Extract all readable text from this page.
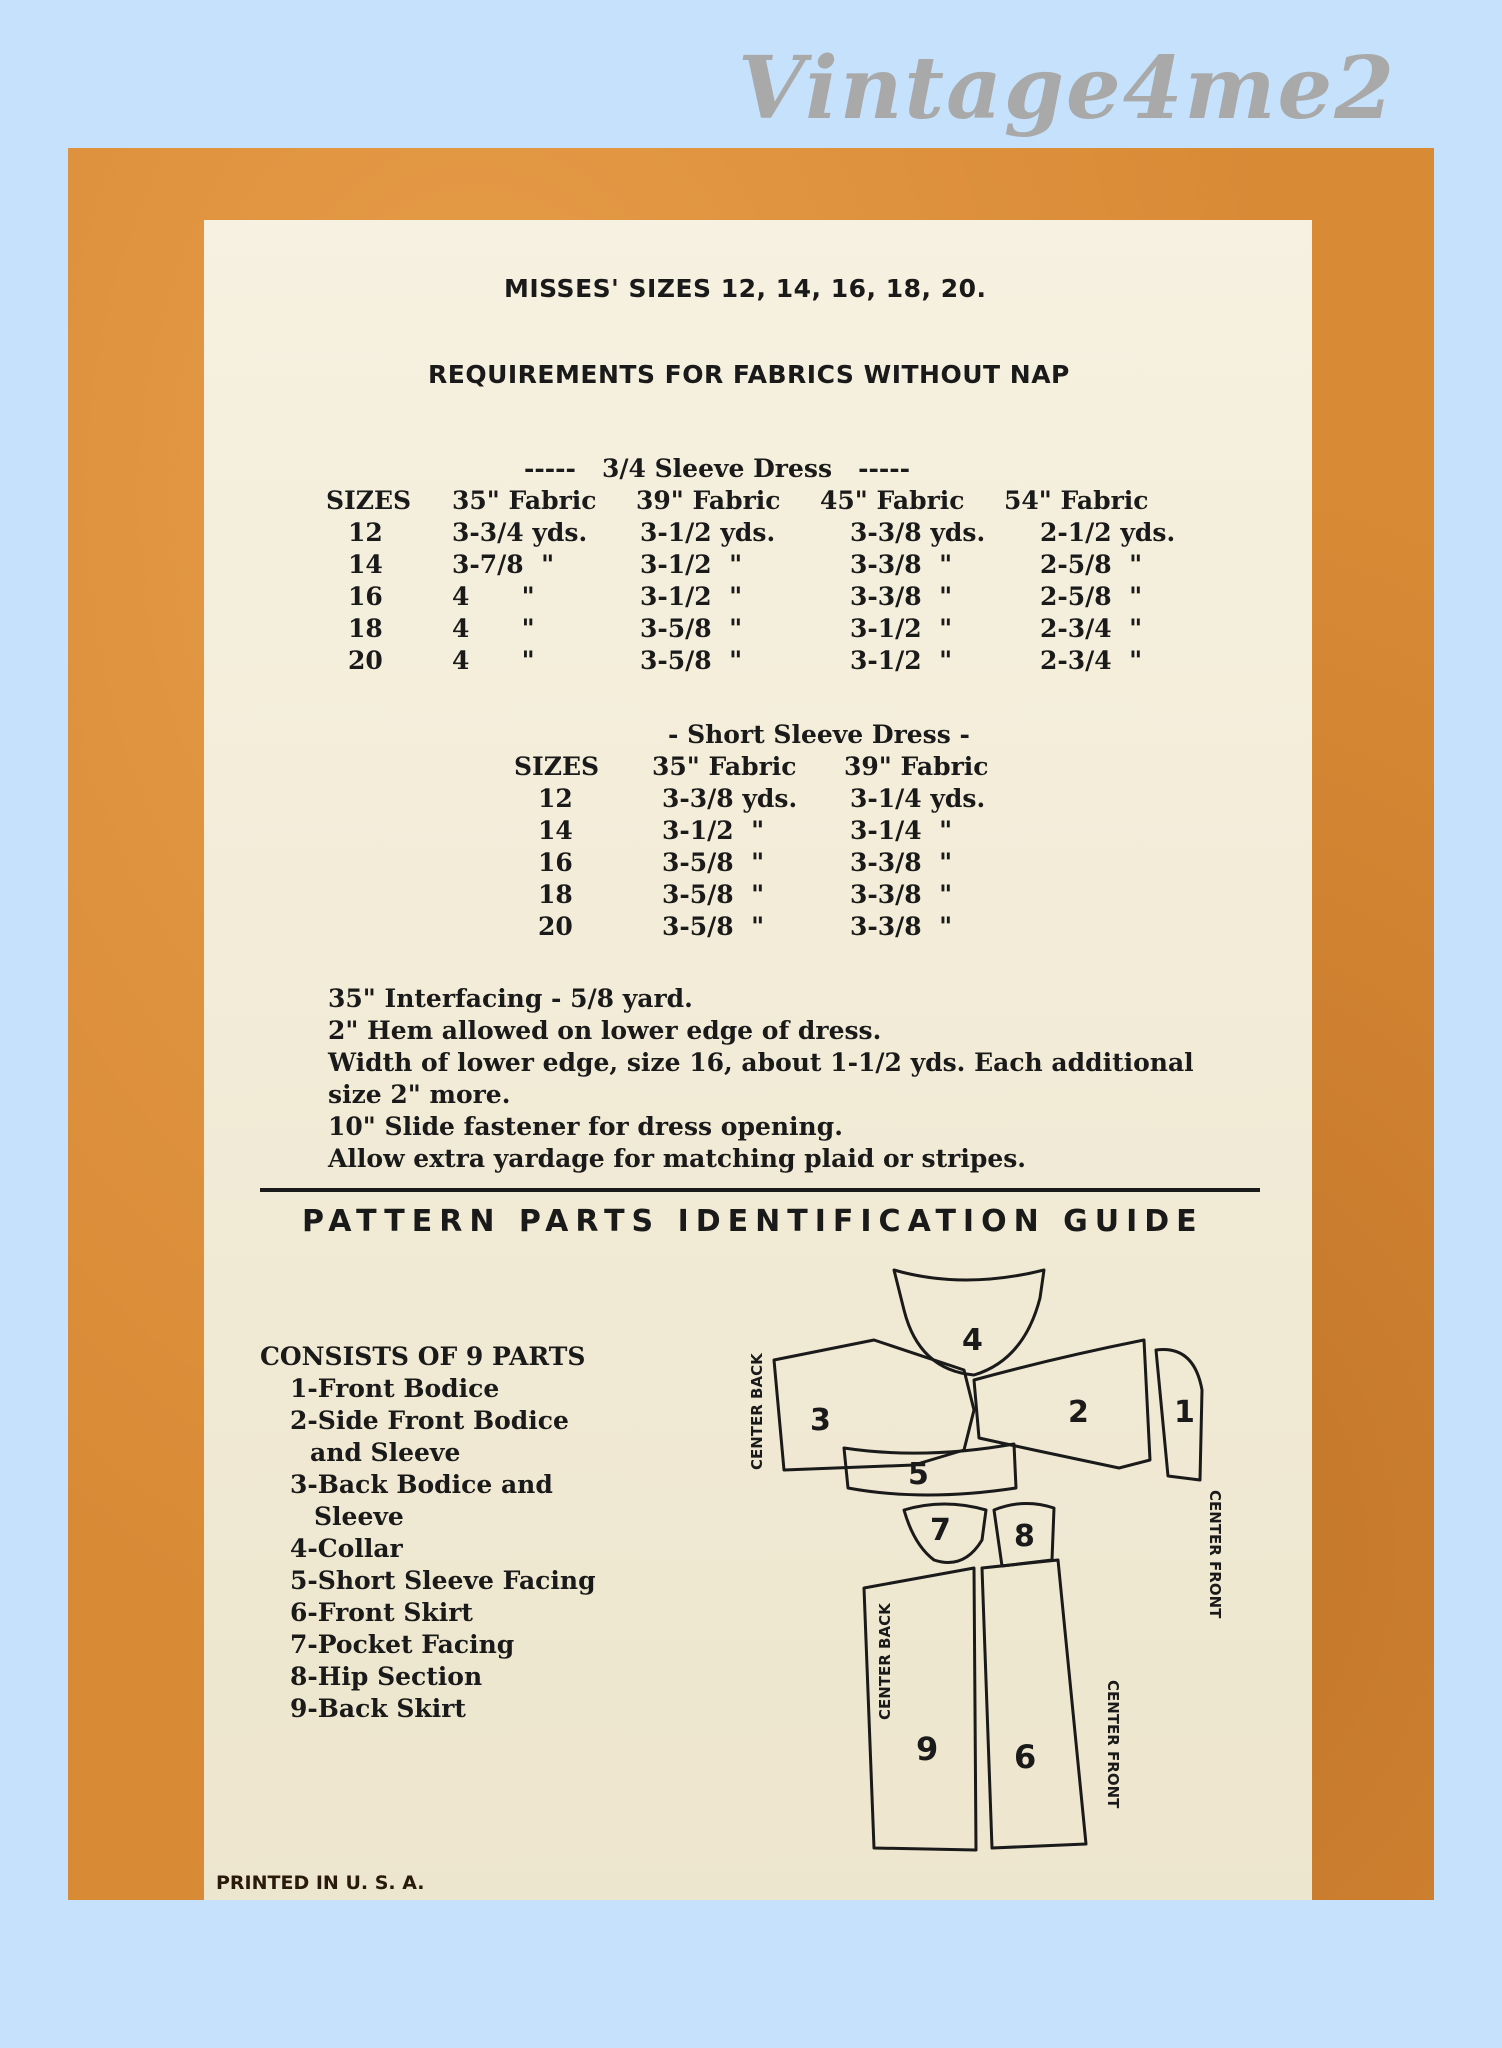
Vintage4me2
MISSES' SIZES 12, 14, 16, 18, 20.
REQUIREMENTS FOR FABRICS WITHOUT NAP
-----   3/4 Sleeve Dress   -----
SIZES 35" Fabric 39" Fabric 45" Fabric 54" Fabric
12	3-3/4 yds. 3-1/2 yds.	3-3/8 yds. 2-1/2 yds.
14	3-7/8  "	3-1/2  "	3-3/8  "	2-5/8  "
16	4      "	3-1/2  "	3-3/8  "	2-5/8  "
18	4      "	3-5/8  "	3-1/2  "	2-3/4  "
20	4      "	3-5/8  "	3-1/2  "	2-3/4  "
- Short Sleeve Dress -
SIZES 35" Fabric 39" Fabric
12	3-3/8 yds. 3-1/4 yds.
14	3-1/2  "	3-1/4  "
16	3-5/8  "	3-3/8  "
18	3-5/8  "	3-3/8  "
20	3-5/8  "	3-3/8  "
35" Interfacing - 5/8 yard.
2" Hem allowed on lower edge of dress.
Width of lower edge, size 16, about 1-1/2 yds. Each additional
size 2" more.
10" Slide fastener for dress opening.
Allow extra yardage for matching plaid or stripes.
PATTERN PARTS IDENTIFICATION GUIDE
CONSISTS OF 9 PARTS
1-Front Bodice
2-Side Front Bodice
and Sleeve
3-Back Bodice and
Sleeve
4-Collar
5-Short Sleeve Facing
6-Front Skirt
7-Pocket Facing
8-Hip Section
9-Back Skirt
4
3
5
2	1
7 8
9 6
CENTER BACK
CENTER BACK
CENTER FRONT
CENTER FRONT
PRINTED IN U. S. A.
